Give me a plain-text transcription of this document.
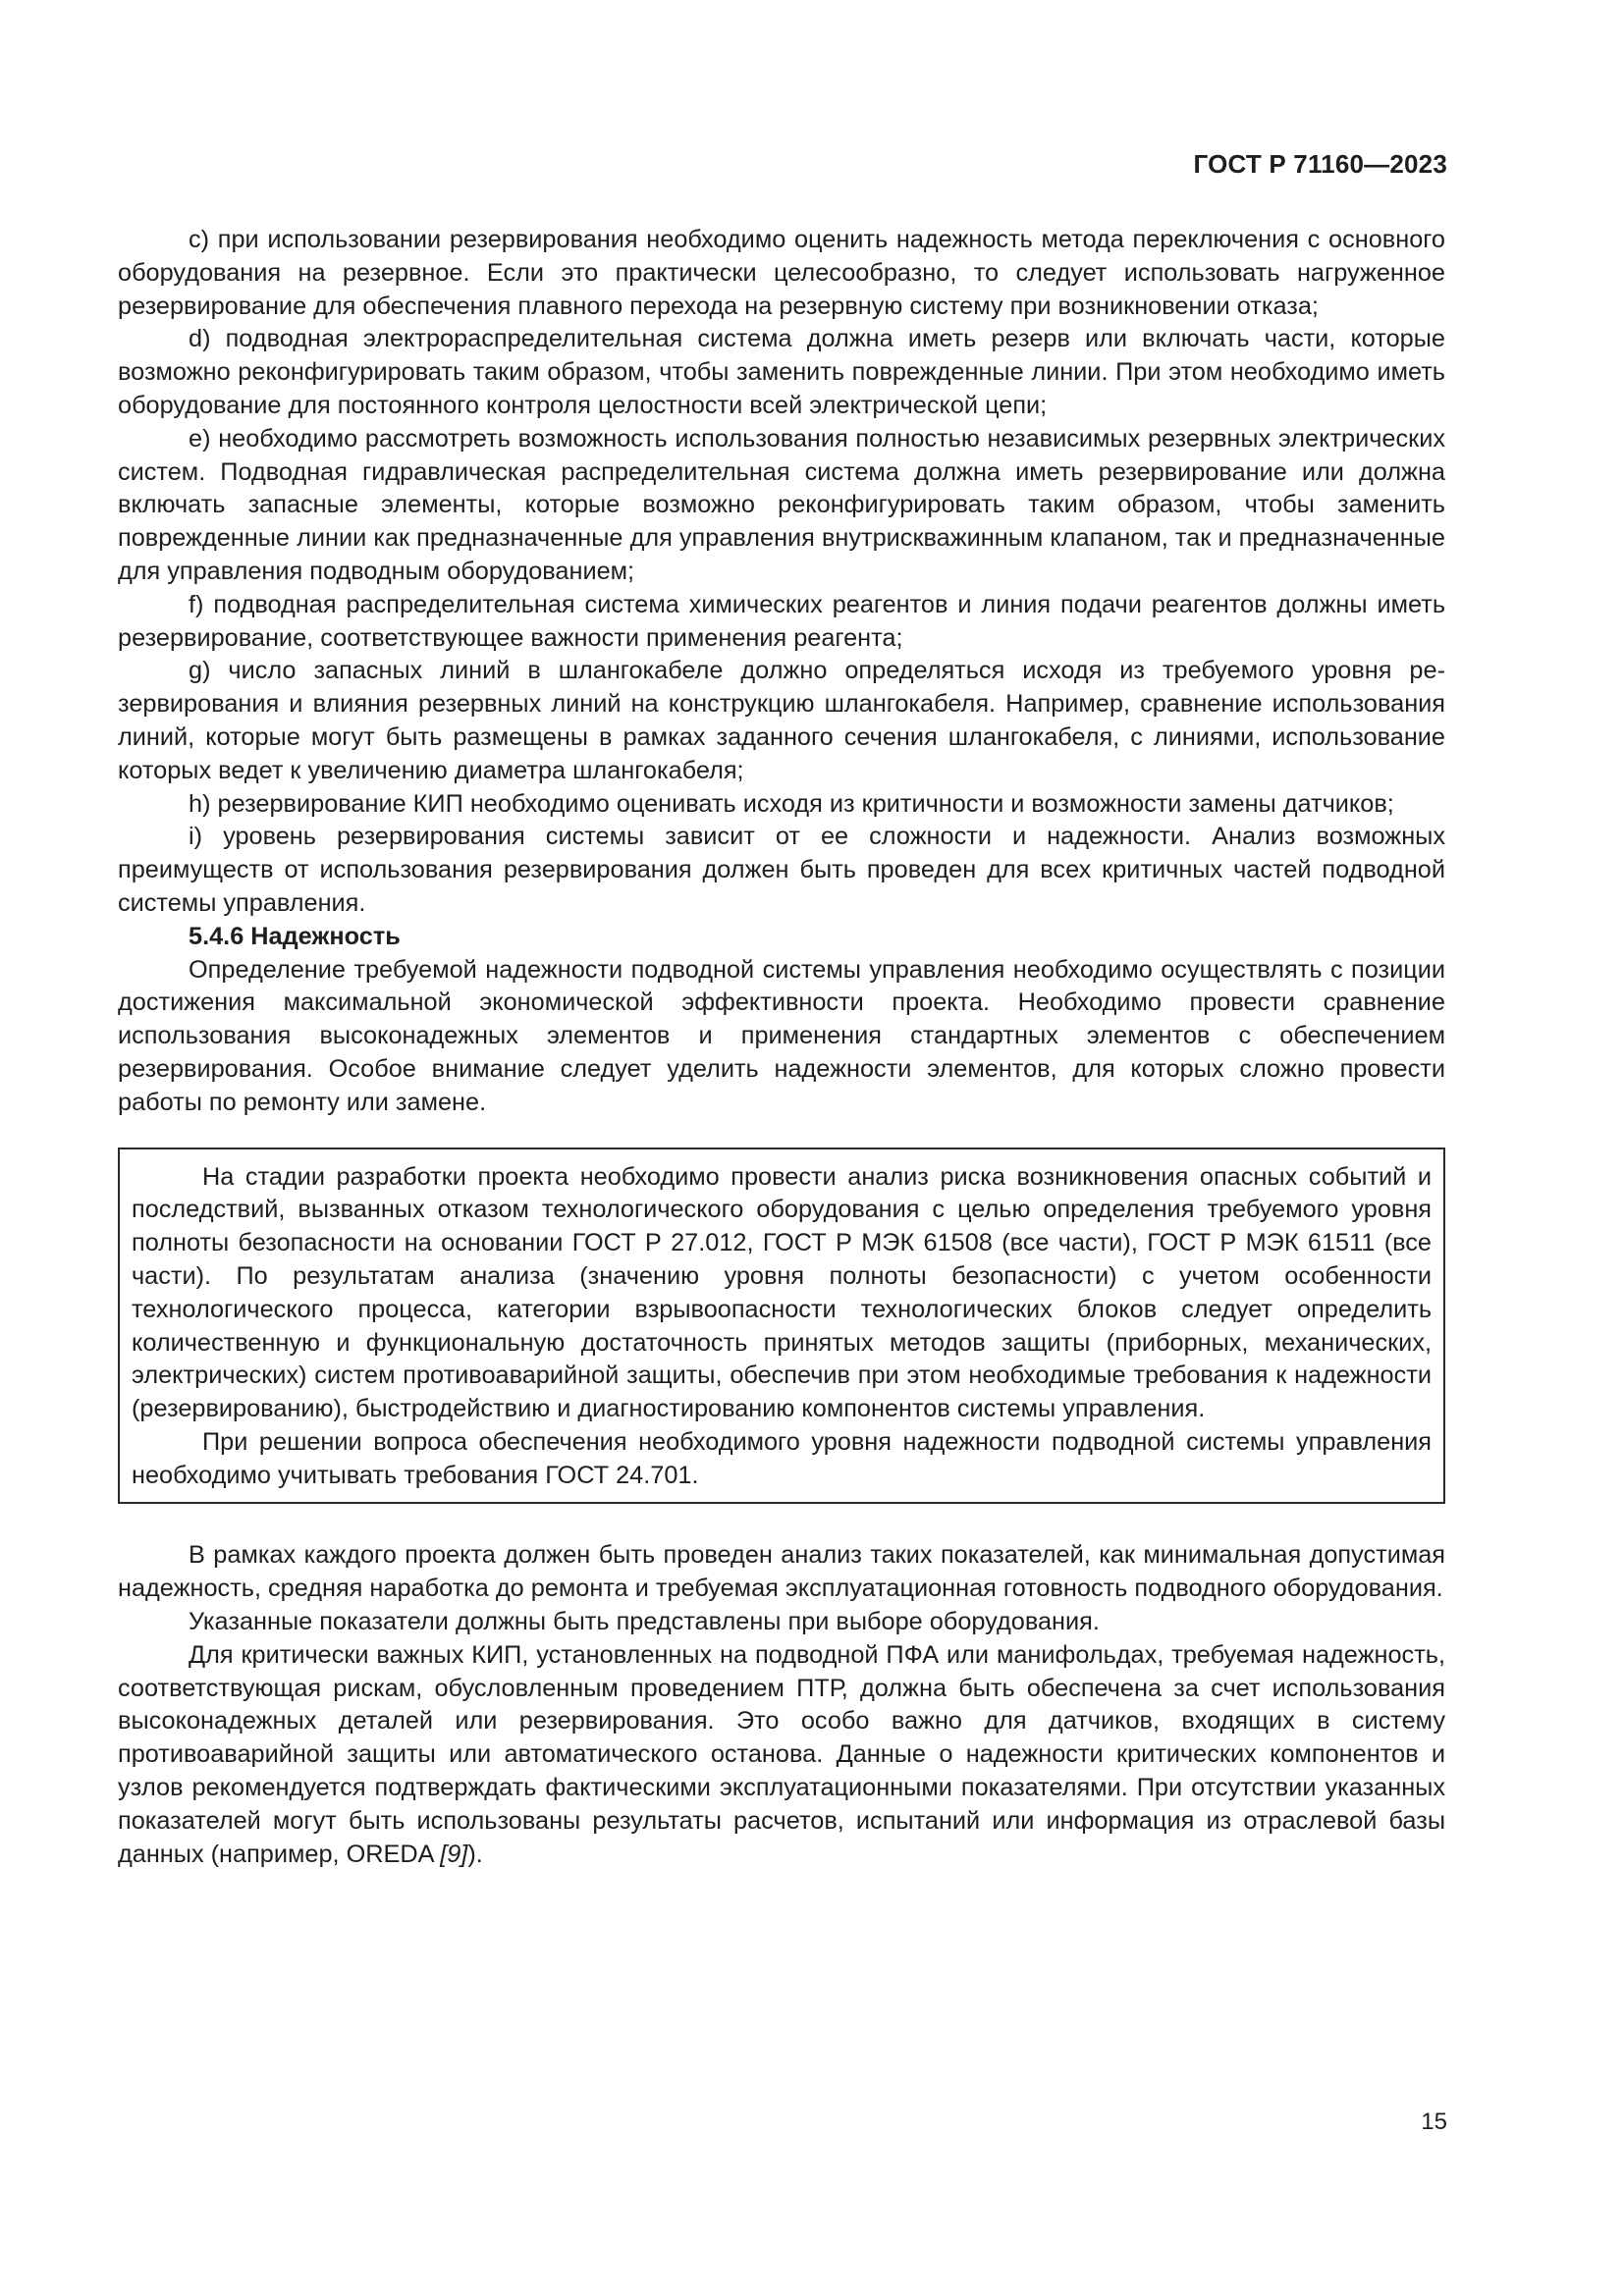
ГОСТ Р 71160—2023

c) при использовании резервирования необходимо оценить надежность метода переключения с основного оборудования на резервное. Если это практически целесообразно, то следует использовать нагруженное резервирование для обеспечения плавного перехода на резервную систему при возникновении отказа;

d) подводная электрораспределительная система должна иметь резерв или включать части, которые возможно реконфигурировать таким образом, чтобы заменить поврежденные линии. При этом необходимо иметь оборудование для постоянного контроля целостности всей электрической цепи;

e) необходимо рассмотреть возможность использования полностью независимых резервных электрических систем. Подводная гидравлическая распределительная система должна иметь резервирование или должна включать запасные элементы, которые возможно реконфигурировать таким образом, чтобы заменить поврежденные линии как предназначенные для управления внутрискважинным клапаном, так и предназначенные для управления подводным оборудованием;

f) подводная распределительная система химических реагентов и линия подачи реагентов должны иметь резервирование, соответствующее важности применения реагента;

g) число запасных линий в шлангокабеле должно определяться исходя из требуемого уровня резервирования и влияния резервных линий на конструкцию шлангокабеля. Например, сравнение использования линий, которые могут быть размещены в рамках заданного сечения шлангокабеля, с линиями, использование которых ведет к увеличению диаметра шлангокабеля;

h) резервирование КИП необходимо оценивать исходя из критичности и возможности замены датчиков;

i) уровень резервирования системы зависит от ее сложности и надежности. Анализ возможных преимуществ от использования резервирования должен быть проведен для всех критичных частей подводной системы управления.

5.4.6 Надежность

Определение требуемой надежности подводной системы управления необходимо осуществлять с позиции достижения максимальной экономической эффективности проекта. Необходимо провести сравнение использования высоконадежных элементов и применения стандартных элементов с обеспечением резервирования. Особое внимание следует уделить надежности элементов, для которых сложно провести работы по ремонту или замене.

На стадии разработки проекта необходимо провести анализ риска возникновения опасных событий и последствий, вызванных отказом технологического оборудования с целью определения требуемого уровня полноты безопасности на основании ГОСТ Р 27.012, ГОСТ Р МЭК 61508 (все части), ГОСТ Р МЭК 61511 (все части). По результатам анализа (значению уровня полноты безопасности) с учетом особенности технологического процесса, категории взрывоопасности технологических блоков следует определить количественную и функциональную достаточность принятых методов защиты (приборных, механических, электрических) систем противоаварийной защиты, обеспечив при этом необходимые требования к надежности (резервированию), быстродействию и диагностированию компонентов системы управления.

При решении вопроса обеспечения необходимого уровня надежности подводной системы управления необходимо учитывать требования ГОСТ 24.701.

В рамках каждого проекта должен быть проведен анализ таких показателей, как минимальная допустимая надежность, средняя наработка до ремонта и требуемая эксплуатационная готовность подводного оборудования.

Указанные показатели должны быть представлены при выборе оборудования.

Для критически важных КИП, установленных на подводной ПФА или манифольдах, требуемая надежность, соответствующая рискам, обусловленным проведением ПТР, должна быть обеспечена за счет использования высоконадежных деталей или резервирования. Это особо важно для датчиков, входящих в систему противоаварийной защиты или автоматического останова. Данные о надежности критических компонентов и узлов рекомендуется подтверждать фактическими эксплуатационными показателями. При отсутствии указанных показателей могут быть использованы результаты расчетов, испытаний или информация из отраслевой базы данных (например, OREDA [9]).

15
